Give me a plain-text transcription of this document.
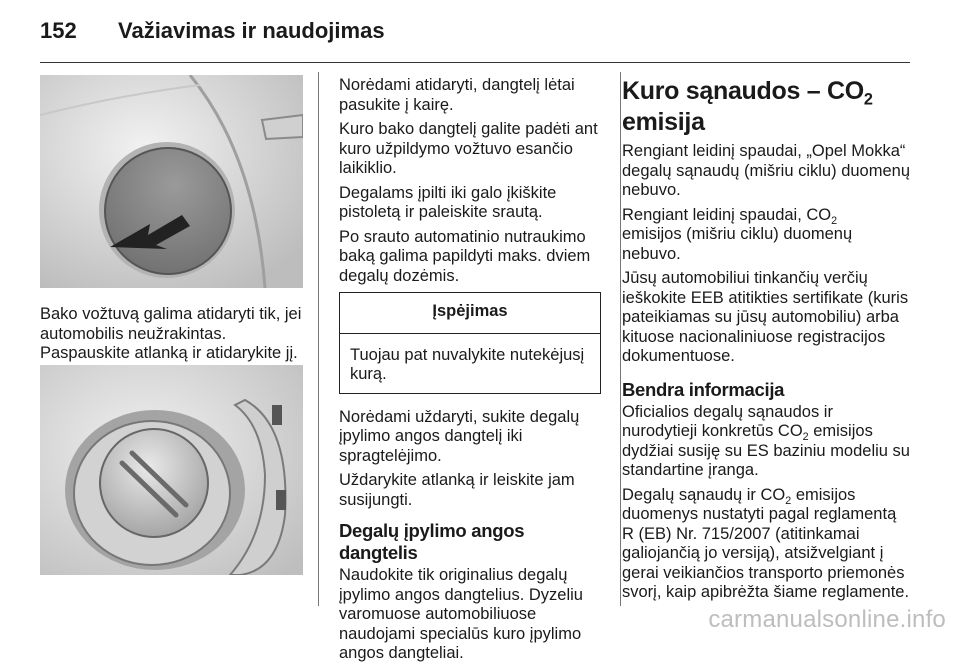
152 Važiavimas ir naudojimas

Bako vožtuvą galima atidaryti tik, jei automobilis neužrakintas.

Paspauskite atlanką ir atidarykite jį.

Norėdami atidaryti, dangtelį lėtai pasukite į kairę.

Kuro bako dangtelį galite padėti ant kuro užpildymo vožtuvo esančio laikiklio.

Degalams įpilti iki galo įkiškite pistoletą ir paleiskite srautą.

Po srauto automatinio nutraukimo baką galima papildyti maks. dviem degalų dozėmis.

Įspėjimas
Tuojau pat nuvalykite nutekėjusį kurą.

Norėdami uždaryti, sukite degalų įpylimo angos dangtelį iki spragtelėjimo.

Uždarykite atlanką ir leiskite jam susijungti.

Degalų įpylimo angos dangtelis

Naudokite tik originalius degalų įpylimo angos dangtelius. Dyzeliu varomuose automobiliuose naudojami specialūs kuro įpylimo angos dangteliai.

Kuro sąnaudos – $CO_2$
emisija

Rengiant leidinį spaudai, „Opel Mokka“ degalų sąnaudų (mišriu ciklu) duomenų nebuvo.

Rengiant leidinį spaudai, $CO_2$
emisijos (mišriu ciklu) duomenų nebuvo.

Jūsų automobiliui tinkančių verčių ieškokite EEB atitikties sertifikate (kuris pateikiamas su jūsų automobiliu) arba kituose nacionaliniuose registracijos dokumentuose.

Bendra informacija

Oficialios degalų sąnaudos ir nurodytieji konkretūs $CO_2$ emisijos dydžiai susiję su ES baziniu modeliu su standartine įranga.

Degalų sąnaudų ir $CO_2$ emisijos duomenys nustatyti pagal reglamentą R (EB) Nr. 715/2007 (atitinkamai galiojančią jo versiją), atsižvelgiant į gerai veikiančios transporto priemonės svorį, kaip apibrėžta šiame reglamente.

carmanualsonline.info
